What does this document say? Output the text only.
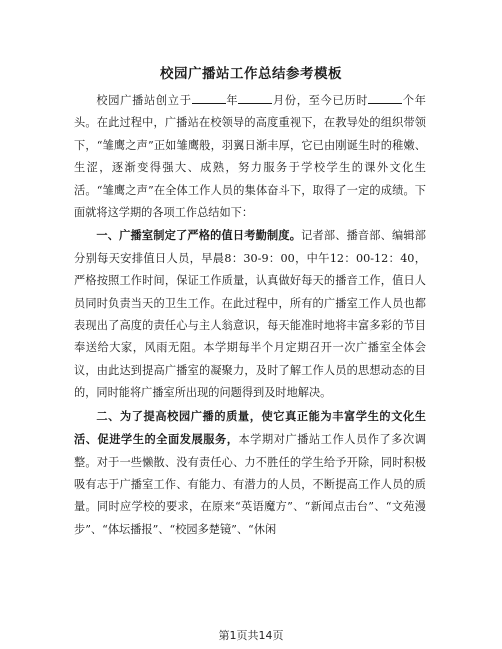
校园广播站工作总结参考模板

校园广播站创立于	年	月份，至今已历时	个年头。在此过程中，广播站在校领导的高度重视下，在教导处的组织带领下，“雏鹰之声”正如雏鹰般，羽翼日渐丰厚，它已由刚诞生时的稚嫩、生涩，逐渐变得强大、成熟，努力服务于学校学生的课外文化生活。“雏鹰之声”在全体工作人员的集体奋斗下，取得了一定的成绩。下面就将这学期的各项工作总结如下：

一、广播室制定了严格的值日考勤制度。记者部、播音部、编辑部分别每天安排值日人员，早晨8：30-9：00，中午12：00-12：40，严格按照工作时间，保证工作质量，认真做好每天的播音工作，值日人员同时负责当天的卫生工作。在此过程中，所有的广播室工作人员也都表现出了高度的责任心与主人翁意识，每天能准时地将丰富多彩的节目奉送给大家，风雨无阻。本学期每半个月定期召开一次广播室全体会议，由此达到提高广播室的凝聚力，及时了解工作人员的思想动态的目的，同时能将广播室所出现的问题得到及时地解决。

二、为了提高校园广播的质量，使它真正能为丰富学生的文化生活、促进学生的全面发展服务，本学期对广播站工作人员作了多次调整。对于一些懒散、没有责任心、力不胜任的学生给予开除，同时积极吸有志于广播室工作、有能力、有潜力的人员，不断提高工作人员的质量。同时应学校的要求，在原来“英语魔方”、“新闻点击台”、“文苑漫步”、“体坛播报”、“校园多楚镜”、“休闲

第1页共14页
